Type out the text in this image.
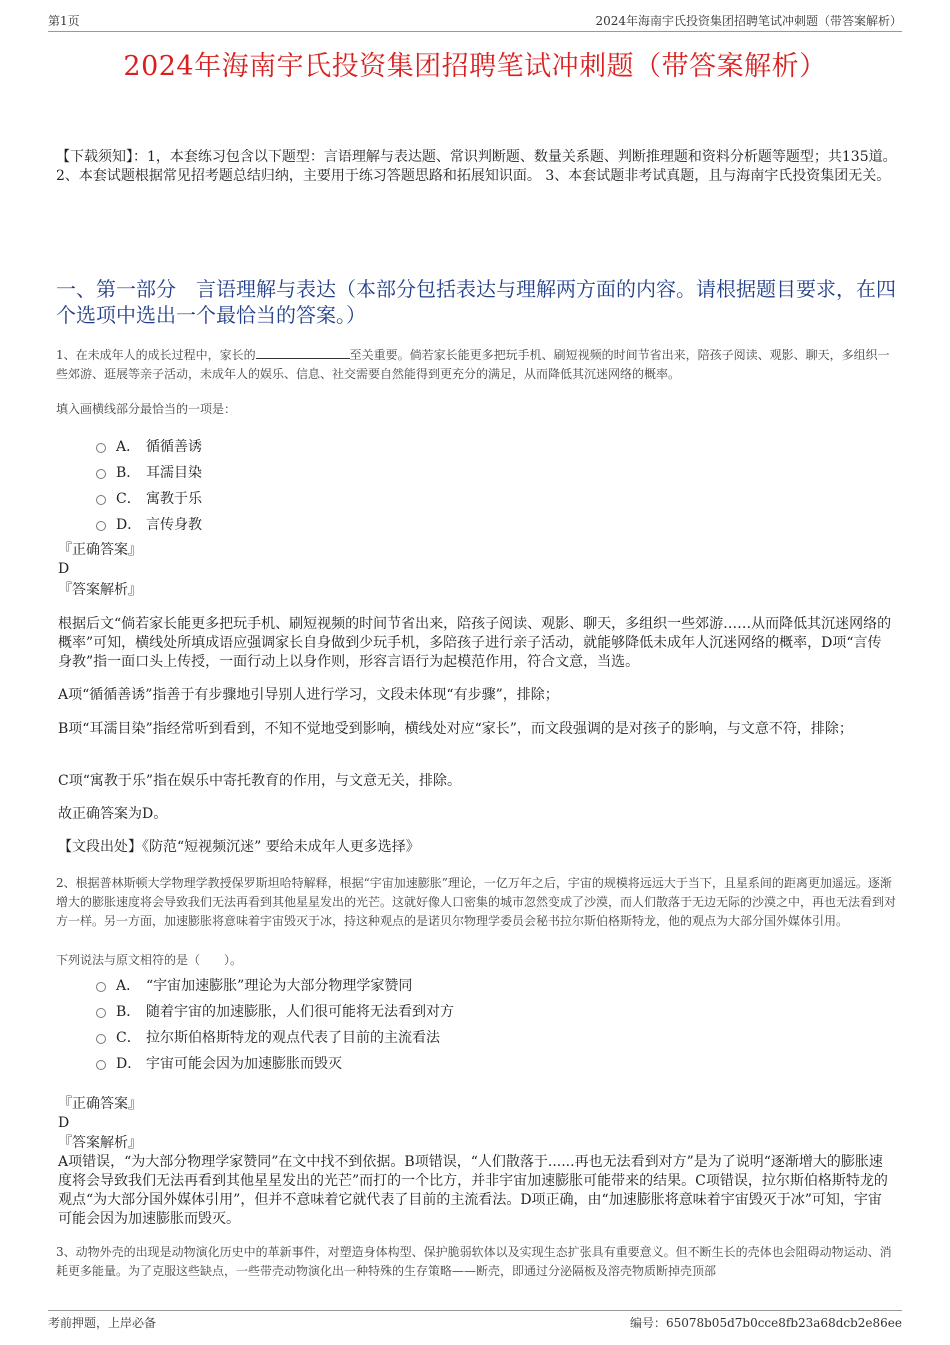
第1页	2024年海南宇氏投资集团招聘笔试冲刺题（带答案解析）
2024年海南宇氏投资集团招聘笔试冲刺题（带答案解析）
【下载须知】：1，本套练习包含以下题型：言语理解与表达题、常识判断题、数量关系题、判断推理题和资料分析题等题型；共135道。 2、本套试题根据常见招考题总结归纳，主要用于练习答题思路和拓展知识面。 3、本套试题非考试真题，且与海南宇氏投资集团无关。
一、第一部分　言语理解与表达（本部分包括表达与理解两方面的内容。请根据题目要求，在四个选项中选出一个最恰当的答案。）
1、在未成年人的成长过程中，家长的	至关重要。倘若家长能更多把玩手机、刷短视频的时间节省出来，陪孩子阅读、观影、聊天，多组织一些郊游、逛展等亲子活动，未成年人的娱乐、信息、社交需要自然能得到更充分的满足，从而降低其沉迷网络的概率。
填入画横线部分最恰当的一项是：
A． 循循善诱
B． 耳濡目染
C． 寓教于乐
D． 言传身教
『正确答案』
D
『答案解析』
根据后文“倘若家长能更多把玩手机、刷短视频的时间节省出来，陪孩子阅读、观影、聊天，多组织一些郊游……从而降低其沉迷网络的概率”可知，横线处所填成语应强调家长自身做到少玩手机，多陪孩子进行亲子活动，就能够降低未成年人沉迷网络的概率，D项“言传身教”指一面口头上传授，一面行动上以身作则，形容言语行为起模范作用，符合文意，当选。
A项“循循善诱”指善于有步骤地引导别人进行学习，文段未体现“有步骤”，排除；
B项“耳濡目染”指经常听到看到，不知不觉地受到影响，横线处对应“家长”，而文段强调的是对孩子的影响，与文意不符，排除；
C项“寓教于乐”指在娱乐中寄托教育的作用，与文意无关，排除。
故正确答案为D。
【文段出处】《防范“短视频沉迷” 要给未成年人更多选择》
2、根据普林斯顿大学物理学教授保罗斯坦哈特解释，根据“宇宙加速膨胀”理论，一亿万年之后，宇宙的规模将远远大于当下，且星系间的距离更加遥远。逐渐增大的膨胀速度将会导致我们无法再看到其他星星发出的光芒。这就好像人口密集的城市忽然变成了沙漠，而人们散落于无边无际的沙漠之中，再也无法看到对方一样。另一方面，加速膨胀将意味着宇宙毁灭于冰，持这种观点的是诺贝尔物理学委员会秘书拉尔斯伯格斯特龙，他的观点为大部分国外媒体引用。
下列说法与原文相符的是（　　）。
A． “宇宙加速膨胀”理论为大部分物理学家赞同
B． 随着宇宙的加速膨胀，人们很可能将无法看到对方
C． 拉尔斯伯格斯特龙的观点代表了目前的主流看法
D． 宇宙可能会因为加速膨胀而毁灭
『正确答案』
D
『答案解析』
A项错误，“为大部分物理学家赞同”在文中找不到依据。B项错误，“人们散落于......再也无法看到对方”是为了说明“逐渐增大的膨胀速度将会导致我们无法再看到其他星星发出的光芒”而打的一个比方，并非宇宙加速膨胀可能带来的结果。C项错误，拉尔斯伯格斯特龙的观点“为大部分国外媒体引用”，但并不意味着它就代表了目前的主流看法。D项正确，由“加速膨胀将意味着宇宙毁灭于冰”可知，宇宙可能会因为加速膨胀而毁灭。
3、动物外壳的出现是动物演化历史中的革新事件，对塑造身体构型、保护脆弱软体以及实现生态扩张具有重要意义。但不断生长的壳体也会阻碍动物运动、消耗更多能量。为了克服这些缺点，一些带壳动物演化出一种特殊的生存策略——断壳，即通过分泌隔板及溶壳物质断掉壳顶部
考前押题，上岸必备	编号：65078b05d7b0cce8fb23a68dcb2e86ee
